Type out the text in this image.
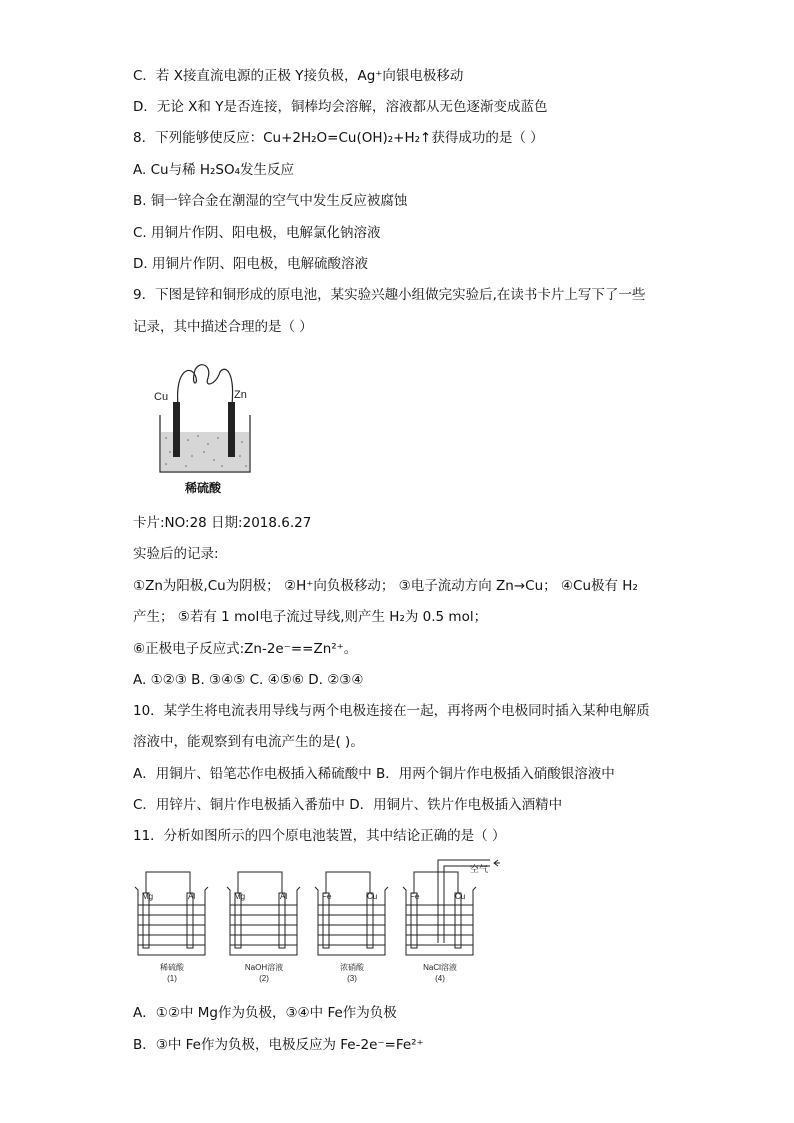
C．若 X接直流电源的正极 Y接负极，Ag⁺向银电极移动
D．无论 X和 Y是否连接，铜棒均会溶解，溶液都从无色逐渐变成蓝色
8．下列能够使反应：Cu+2H₂O=Cu(OH)₂+H₂↑获得成功的是（ ）
A. Cu与稀 H₂SO₄发生反应
B. 铜一锌合金在潮湿的空气中发生反应被腐蚀
C. 用铜片作阴、阳电极，电解氯化钠溶液
D. 用铜片作阴、阳电极，电解硫酸溶液
9．下图是锌和铜形成的原电池，某实验兴趣小组做完实验后,在读书卡片上写下了一些
记录，其中描述合理的是（ ）
Cu	Zn
稀硫酸
卡片:NO:28 日期:2018.6.27
实验后的记录:
①Zn为阳极,Cu为阴极； ②H⁺向负极移动； ③电子流动方向 Zn→Cu； ④Cu极有 H₂
产生； ⑤若有 1 mol电子流过导线,则产生 H₂为 0.5 mol；
⑥正极电子反应式:Zn-2e⁻==Zn²⁺。
A. ①②③ B. ③④⑤ C. ④⑤⑥ D. ②③④
10．某学生将电流表用导线与两个电极连接在一起，再将两个电极同时插入某种电解质
溶液中，能观察到有电流产生的是( )。
A．用铜片、铅笔芯作电极插入稀硫酸中 B．用两个铜片作电极插入硝酸银溶液中
C．用锌片、铜片作电极插入番茄中 D．用铜片、铁片作电极插入酒精中
11．分析如图所示的四个原电池装置，其中结论正确的是（ ）
Mg	Al	Mg	Al	Fe	Cu	Fe	Cu
空气
稀硫酸
(1)
NaOH溶液
(2)
浓硝酸
(3)
NaCl溶液
(4)
A．①②中 Mg作为负极，③④中 Fe作为负极
B．③中 Fe作为负极，电极反应为 Fe-2e⁻=Fe²⁺
